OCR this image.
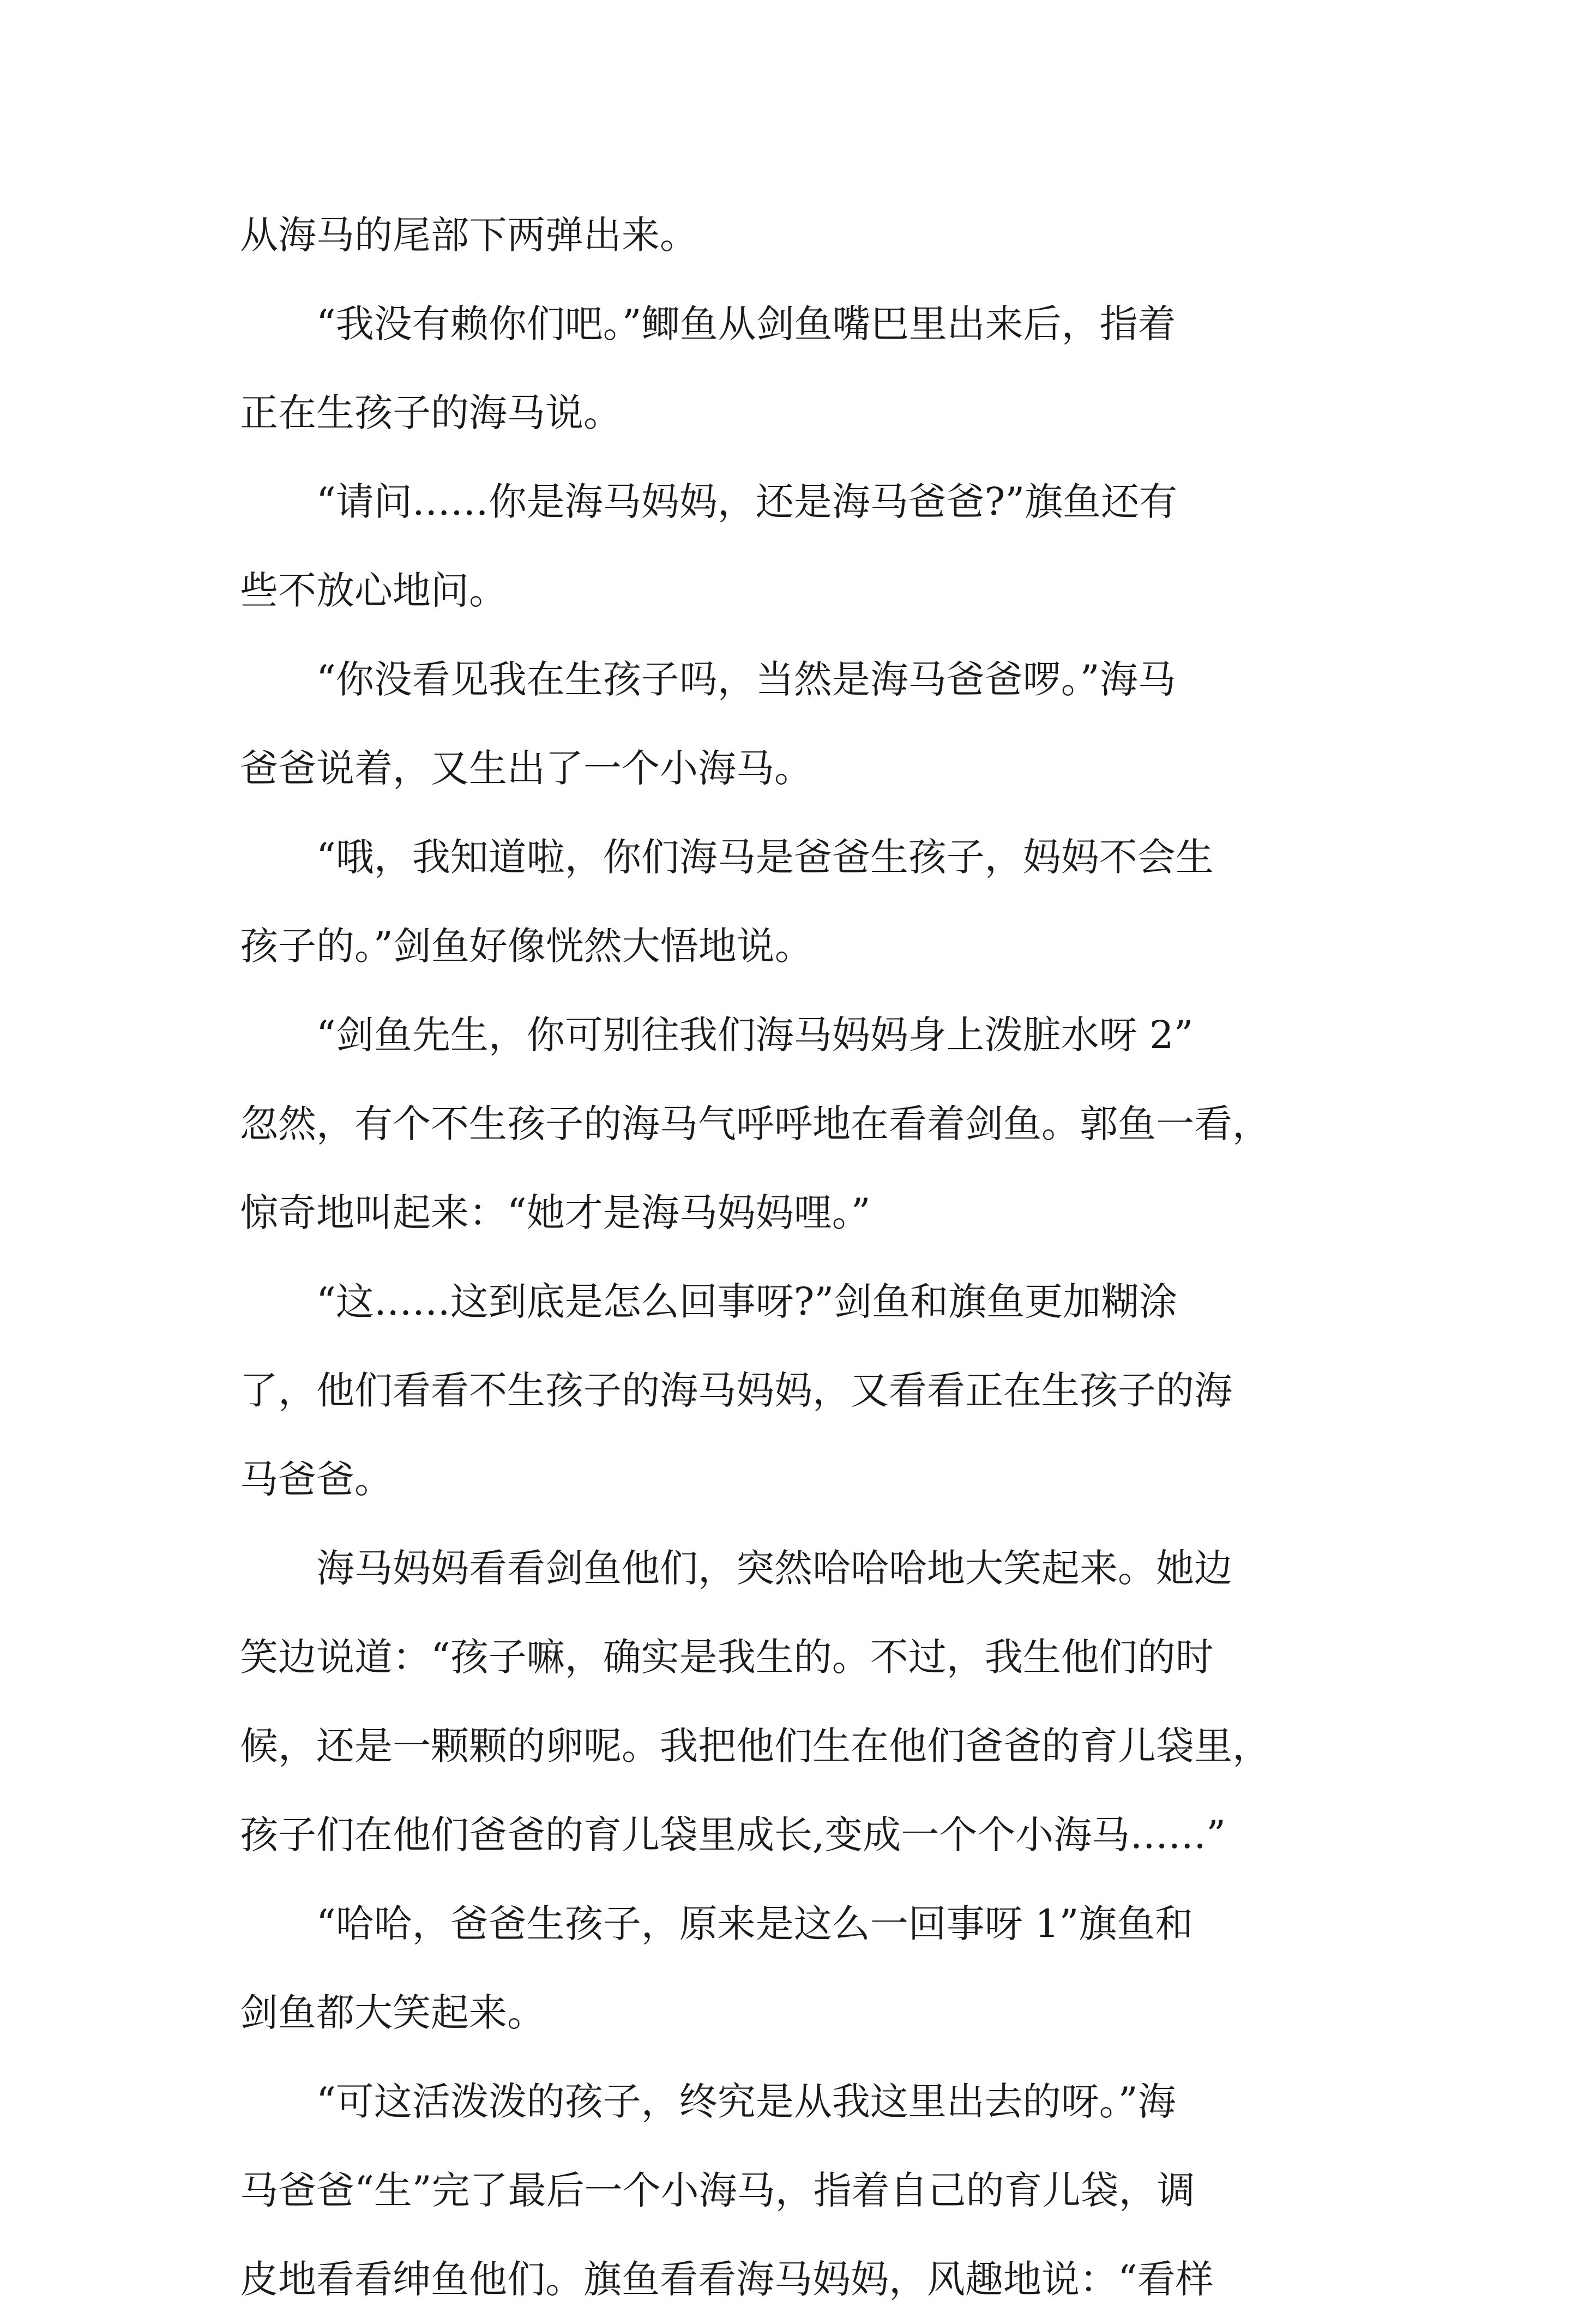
从海马的尾部下两弹出来。

　　“我没有赖你们吧。”鲫鱼从剑鱼嘴巴里出来后，指着
正在生孩子的海马说。

　　“请问……你是海马妈妈，还是海马爸爸?”旗鱼还有
些不放心地问。

　　“你没看见我在生孩子吗，当然是海马爸爸啰。”海马
爸爸说着，又生出了一个小海马。

　　“哦，我知道啦，你们海马是爸爸生孩子，妈妈不会生
孩子的。”剑鱼好像恍然大悟地说。

　　“剑鱼先生，你可别往我们海马妈妈身上泼脏水呀 2”
忽然，有个不生孩子的海马气呼呼地在看着剑鱼。郭鱼一看，
惊奇地叫起来：“她才是海马妈妈哩。”

　　“这……这到底是怎么回事呀?”剑鱼和旗鱼更加糊涂
了，他们看看不生孩子的海马妈妈，又看看正在生孩子的海
马爸爸。

　　海马妈妈看看剑鱼他们，突然哈哈哈地大笑起来。她边
笑边说道：“孩子嘛，确实是我生的。不过，我生他们的时
候，还是一颗颗的卵呢。我把他们生在他们爸爸的育儿袋里，
孩子们在他们爸爸的育儿袋里成长,变成一个个小海马……”

　　“哈哈，爸爸生孩子，原来是这么一回事呀 1”旗鱼和
剑鱼都大笑起来。

　　“可这活泼泼的孩子，终究是从我这里出去的呀。”海
马爸爸“生”完了最后一个小海马，指着自己的育儿袋，调
皮地看看绅鱼他们。旗鱼看看海马妈妈，风趣地说：“看样
